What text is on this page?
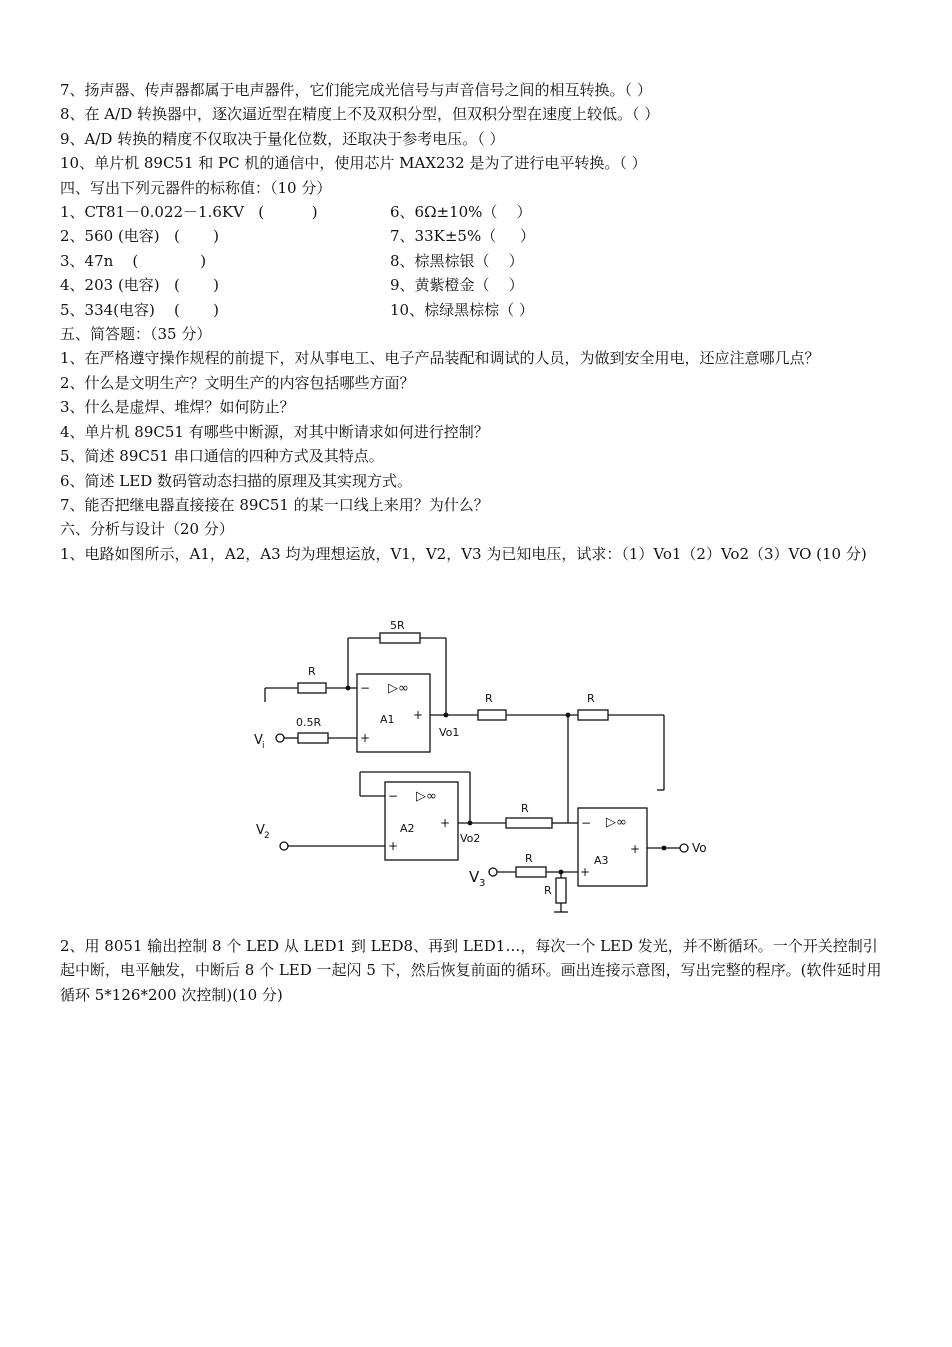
7、扬声器、传声器都属于电声器件，它们能完成光信号与声音信号之间的相互转换。（ ）
8、在 A/D 转换器中，逐次逼近型在精度上不及双积分型，但双积分型在速度上较低。（ ）
9、A/D 转换的精度不仅取决于量化位数，还取决于参考电压。（ ）
10、单片机 89C51 和 PC 机的通信中，使用芯片 MAX232 是为了进行电平转换。（ ）
四、写出下列元器件的标称值：（10 分）
1、CT81－0.022－1.6KV   (          )	6、6Ω±10%（    ）
2、560 (电容)   (       )	7、33K±5%（     ）
3、47n    (             )	8、棕黑棕银（    ）
4、203 (电容)   (       )	9、黄紫橙金（    ）
5、334(电容)    (       )	10、棕绿黑棕棕（ ）
五、简答题：（35 分）
1、在严格遵守操作规程的前提下，对从事电工、电子产品装配和调试的人员，为做到安全用电，还应注意哪几点？
2、什么是文明生产？文明生产的内容包括哪些方面？
3、什么是虚焊、堆焊？如何防止？
4、单片机 89C51 有哪些中断源，对其中断请求如何进行控制？
5、简述 89C51 串口通信的四种方式及其特点。
6、简述 LED 数码管动态扫描的原理及其实现方式。
7、能否把继电器直接接在 89C51 的某一口线上来用？为什么？
六、分析与设计（20 分）
1、电路如图所示，A1，A2，A3 均为理想运放，V1，V2，V3 为已知电压，试求：（1）Vo1（2）Vo2（3）VO (10 分)
5R
R
0.5R
V i
− ▷∞
+
+
A1
Vo1
R	R
− ▷∞
+
+
A2
Vo2
R
V 2
− ▷∞
+
+
A3
Vo
R
R
V 3
2、用 8051 输出控制 8 个 LED 从 LED1 到 LED8、再到 LED1…，每次一个 LED 发光，并不断循环。一个开关控制引起中断，电平触发，中断后 8 个 LED 一起闪 5 下，然后恢复前面的循环。画出连接示意图，写出完整的程序。(软件延时用循环 5*126*200 次控制)(10 分)
